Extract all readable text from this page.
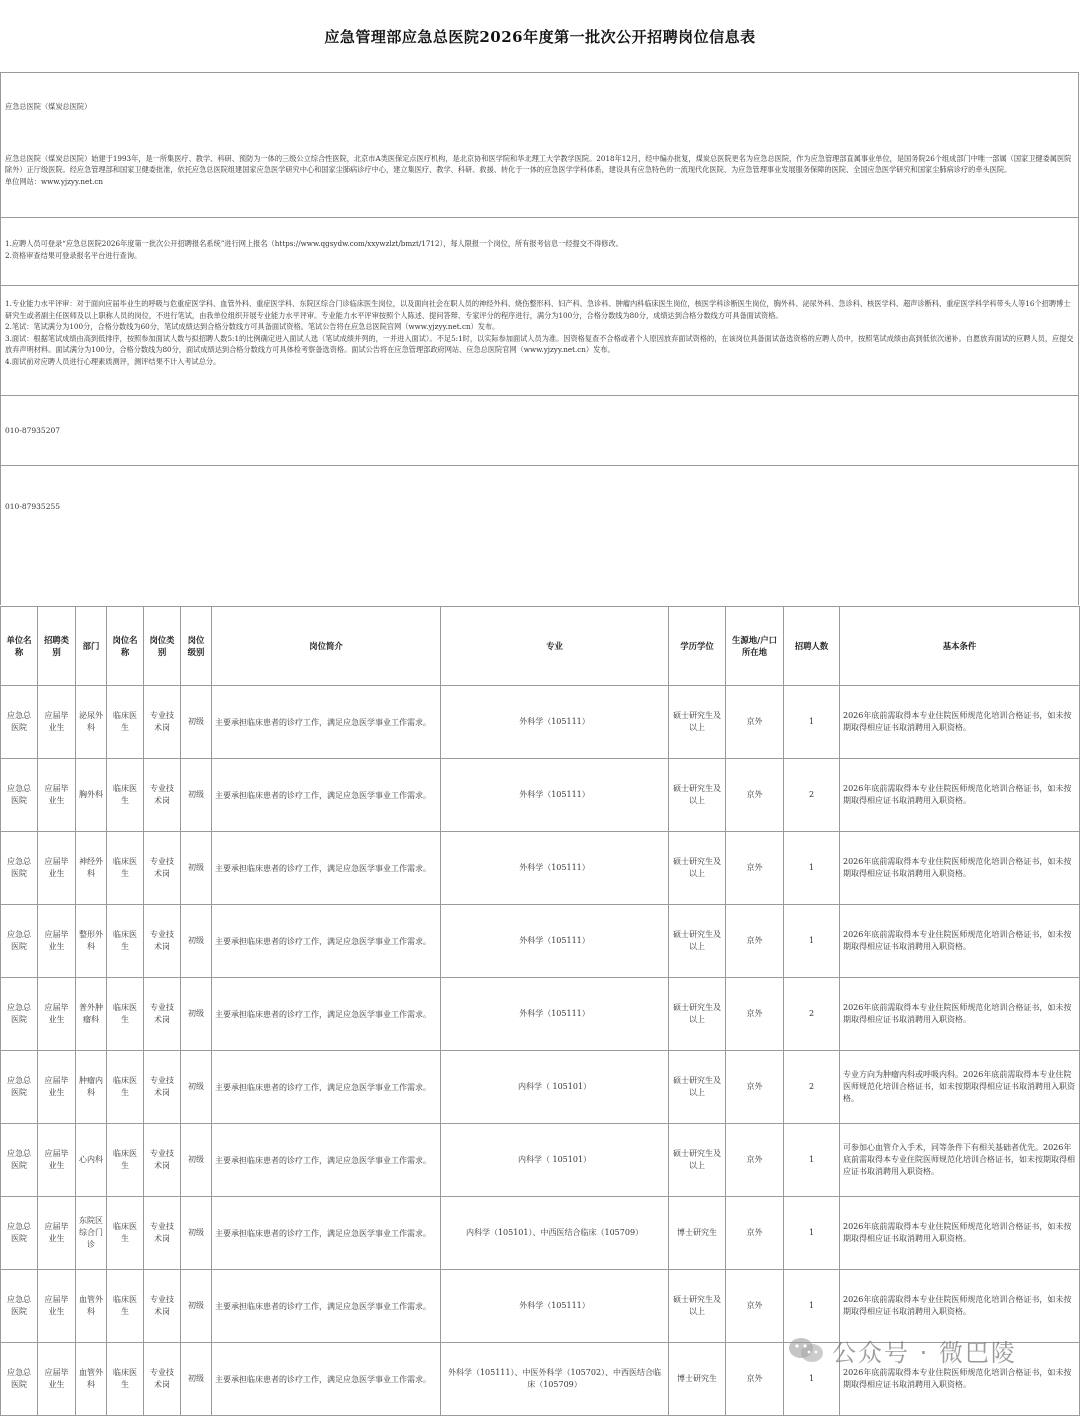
应急管理部应急总医院2026年度第一批次公开招聘岗位信息表

应急总医院（煤炭总医院）

应急总医院（煤炭总医院）始建于1993年，是一所集医疗、教学、科研、预防为一体的三级公立综合性医院，北京市A类医保定点医疗机构，是北京协和医学院和华北理工大学教学医院。2018年12月，经中编办批复，煤炭总医院更名为应急总医院，作为应急管理部直属事业单位，是国务院26个组成部门中唯一部属（国家卫健委属医院除外）正厅级医院。经应急管理部和国家卫健委批准，依托应急总医院组建国家应急医学研究中心和国家尘肺病诊疗中心，建立集医疗、教学、科研、救援、转化于一体的应急医学学科体系，建设具有应急特色的一流现代化医院、为应急管理事业发展服务保障的医院、全国应急医学研究和国家尘肺病诊疗的牵头医院。

单位网站：www.yjzyy.net.cn

1.应聘人员可登录“应急总医院2026年度第一批次公开招聘报名系统”进行网上报名（https://www.qgsydw.com/xxywzlzt/bmzt/1712），每人限报一个岗位，所有报考信息一经提交不得修改。

2.资格审查结果可登录报名平台进行查询。

1.专业能力水平评审：对于面向应届毕业生的呼吸与危重症医学科、血管外科、重症医学科、东院区综合门诊临床医生岗位，以及面向社会在职人员的神经外科、烧伤整形科、妇产科、急诊科、肿瘤内科临床医生岗位，核医学科诊断医生岗位，胸外科、泌尿外科、急诊科、核医学科、超声诊断科、重症医学科学科带头人等16个招聘博士研究生或者副主任医师及以上职称人员的岗位，不进行笔试，由我单位组织开展专业能力水平评审。专业能力水平评审按照个人陈述、提问答辩、专家评分的程序进行，满分为100分，合格分数线为80分，成绩达到合格分数线方可具备面试资格。

2.笔试：笔试满分为100分，合格分数线为60分，笔试成绩达到合格分数线方可具备面试资格。笔试公告将在应急总医院官网（www.yjzyy.net.cn）发布。

3.面试：根据笔试成绩由高到低排序，按照参加面试人数与拟招聘人数5:1的比例确定进入面试人选（笔试成绩并列的，一并进入面试）。不足5:1时，以实际参加面试人员为准。因资格复查不合格或者个人原因放弃面试资格的，在该岗位具备面试备选资格的应聘人员中，按照笔试成绩由高到低依次递补。自愿放弃面试的应聘人员，应提交放弃声明材料。面试满分为100分，合格分数线为80分，面试成绩达到合格分数线方可具体检考察备选资格。面试公告将在应急管理部政府网站、应急总医院官网（www.yjzyy.net.cn）发布。

4.面试前对应聘人员进行心理素质测评，测评结果不计入考试总分。

010-87935207
010-87935255
单位名称	招聘类别	部门	岗位名称	岗位类别	岗位级别	岗位简介	专业	学历学位	生源地/户口所在地	招聘人数	基本条件
应急总医院	应届毕业生	泌尿外科	临床医生	专业技术岗	初级	主要承担临床患者的诊疗工作，满足应急医学事业工作需求。	外科学（105111）	硕士研究生及以上	京外	1	2026年底前需取得本专业住院医师规范化培训合格证书，如未按期取得相应证书取消聘用入职资格。
应急总医院	应届毕业生	胸外科	临床医生	专业技术岗	初级	主要承担临床患者的诊疗工作，满足应急医学事业工作需求。	外科学（105111）	硕士研究生及以上	京外	2	2026年底前需取得本专业住院医师规范化培训合格证书，如未按期取得相应证书取消聘用入职资格。
应急总医院	应届毕业生	神经外科	临床医生	专业技术岗	初级	主要承担临床患者的诊疗工作，满足应急医学事业工作需求。	外科学（105111）	硕士研究生及以上	京外	1	2026年底前需取得本专业住院医师规范化培训合格证书，如未按期取得相应证书取消聘用入职资格。
应急总医院	应届毕业生	整形外科	临床医生	专业技术岗	初级	主要承担临床患者的诊疗工作，满足应急医学事业工作需求。	外科学（105111）	硕士研究生及以上	京外	1	2026年底前需取得本专业住院医师规范化培训合格证书，如未按期取得相应证书取消聘用入职资格。
应急总医院	应届毕业生	普外肿瘤科	临床医生	专业技术岗	初级	主要承担临床患者的诊疗工作，满足应急医学事业工作需求。	外科学（105111）	硕士研究生及以上	京外	2	2026年底前需取得本专业住院医师规范化培训合格证书，如未按期取得相应证书取消聘用入职资格。
应急总医院	应届毕业生	肿瘤内科	临床医生	专业技术岗	初级	主要承担临床患者的诊疗工作，满足应急医学事业工作需求。	内科学（ 105101）	硕士研究生及以上	京外	2	专业方向为肿瘤内科或呼吸内科。2026年底前需取得本专业住院医师规范化培训合格证书，如未按期取得相应证书取消聘用入职资格。
应急总医院	应届毕业生	心内科	临床医生	专业技术岗	初级	主要承担临床患者的诊疗工作，满足应急医学事业工作需求。	内科学（ 105101）	硕士研究生及以上	京外	1	可参加心血管介入手术，同等条件下有相关基础者优先。2026年底前需取得本专业住院医师规范化培训合格证书，如未按期取得相应证书取消聘用入职资格。
应急总医院	应届毕业生	东院区综合门诊	临床医生	专业技术岗	初级	主要承担临床患者的诊疗工作，满足应急医学事业工作需求。	内科学（105101）、中西医结合临床（105709）	博士研究生	京外	1	2026年底前需取得本专业住院医师规范化培训合格证书，如未按期取得相应证书取消聘用入职资格。
应急总医院	应届毕业生	血管外科	临床医生	专业技术岗	初级	主要承担临床患者的诊疗工作，满足应急医学事业工作需求。	外科学（105111）	硕士研究生及以上	京外	1	2026年底前需取得本专业住院医师规范化培训合格证书，如未按期取得相应证书取消聘用入职资格。
应急总医院	应届毕业生	血管外科	临床医生	专业技术岗	初级	主要承担临床患者的诊疗工作，满足应急医学事业工作需求。	外科学（105111）、中医外科学（105702）、中西医结合临床（105709）	博士研究生	京外	1	2026年底前需取得本专业住院医师规范化培训合格证书，如未按期取得相应证书取消聘用入职资格。
公众号 · 微巴陵
